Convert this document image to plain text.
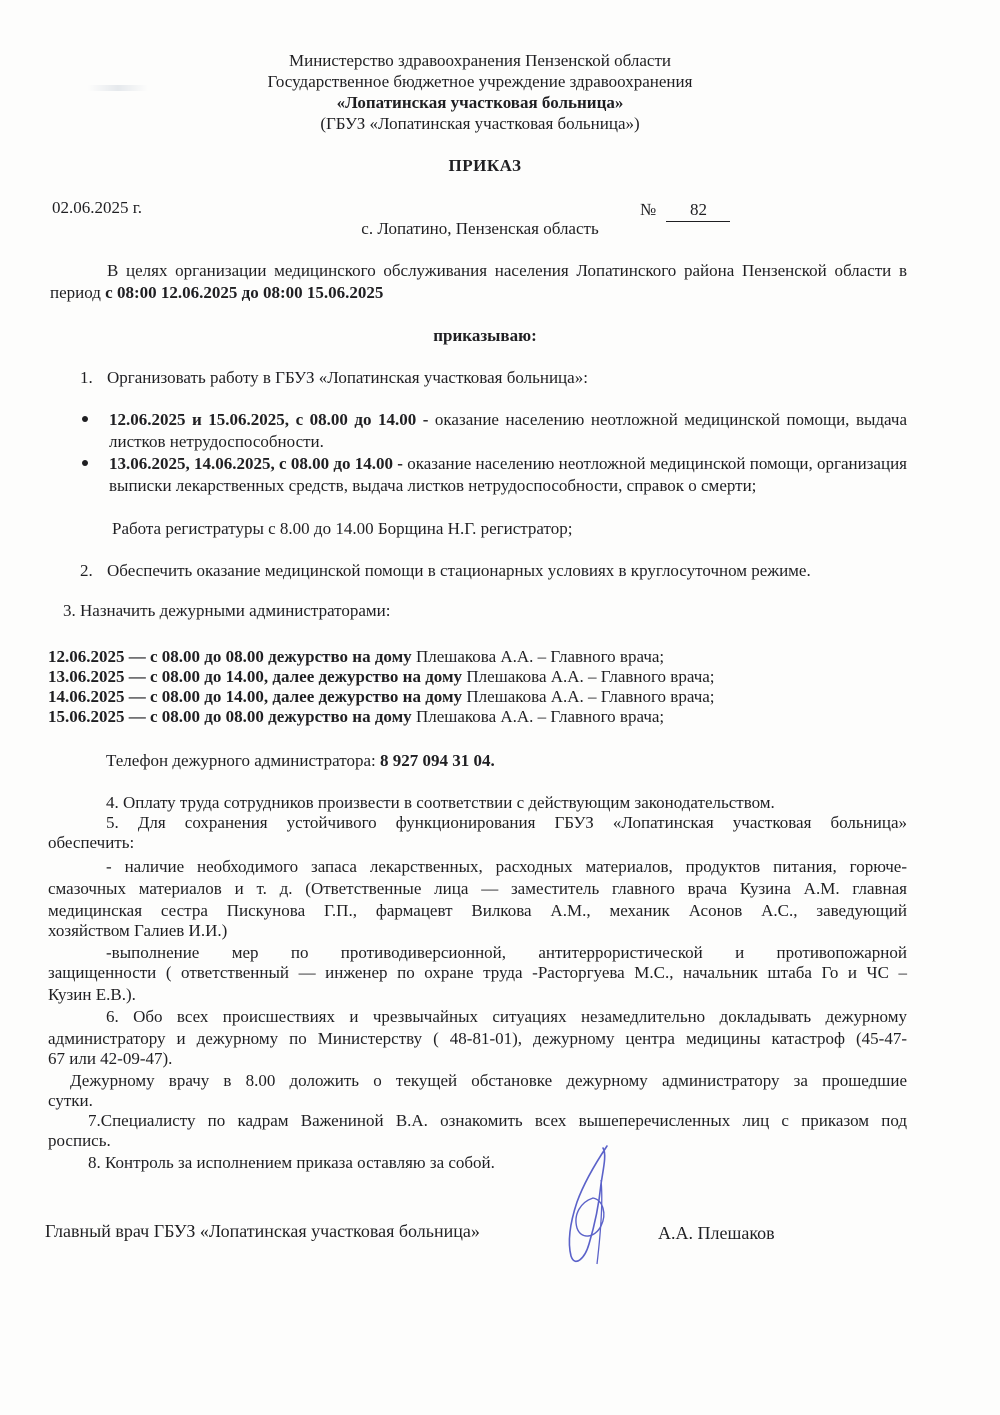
Министерство здравоохранения Пензенской области
Государственное бюджетное учреждение здравоохранения
«Лопатинская участковая больница»
(ГБУЗ «Лопатинская участковая больница»)
ПРИКАЗ
02.06.2025 г.	№ 82
с. Лопатино, Пензенская область
В целях организации медицинского обслуживания населения Лопатинского района Пензенской области в период с 08:00 12.06.2025 до 08:00 15.06.2025
приказываю:
1. Организовать работу в ГБУЗ «Лопатинская участковая больница»:
12.06.2025 и 15.06.2025, с 08.00 до 14.00 - оказание населению неотложной медицинской помощи, выдача листков нетрудоспособности.
13.06.2025, 14.06.2025, с 08.00 до 14.00 - оказание населению неотложной медицинской помощи, организация выписки лекарственных средств, выдача листков нетрудоспособности, справок о смерти;
Работа регистратуры с 8.00 до 14.00 Борщина Н.Г. регистратор;
2. Обеспечить оказание медицинской помощи в стационарных условиях в круглосуточном режиме.
3. Назначить дежурными администраторами:
12.06.2025 — с 08.00 до 08.00 дежурство на дому Плешакова А.А. – Главного врача;
13.06.2025 — с 08.00 до 14.00, далее дежурство на дому Плешакова А.А. – Главного врача;
14.06.2025 — с 08.00 до 14.00, далее дежурство на дому Плешакова А.А. – Главного врача;
15.06.2025 — с 08.00 до 08.00 дежурство на дому Плешакова А.А. – Главного врача;
Телефон дежурного администратора: 8 927 094 31 04.
4. Оплату труда сотрудников произвести в соответствии с действующим законодательством.
5. Для сохранения устойчивого функционирования ГБУЗ «Лопатинская участковая больница»
обеспечить:
- наличие необходимого запаса лекарственных, расходных материалов, продуктов питания, горюче-
смазочных материалов и т. д. (Ответственные лица — заместитель главного врача Кузина А.М. главная
медицинская сестра Пискунова Г.П., фармацевт Вилкова А.М., механик Асонов А.С., заведующий
хозяйством Галиев И.И.)
-выполнение   мер   по   противодиверсионной,   антитеррористической   и   противопожарной
защищенности ( ответственный — инженер по охране труда -Расторгуева М.С., начальник штаба Го и ЧС –
Кузин Е.В.).
6. Обо всех происшествиях и чрезвычайных ситуациях незамедлительно докладывать дежурному
администратору и дежурному по Министерству ( 48-81-01), дежурному центра медицины катастроф (45-47-
67 или 42-09-47).
Дежурному врачу в 8.00 доложить о текущей обстановке дежурному администратору за прошедшие
сутки.
7.Специалисту по кадрам Важениной В.А. ознакомить всех вышеперечисленных лиц с приказом под
роспись.
8. Контроль за исполнением приказа оставляю за собой.
Главный врач ГБУЗ «Лопатинская участковая больница»	А.А. Плешаков
